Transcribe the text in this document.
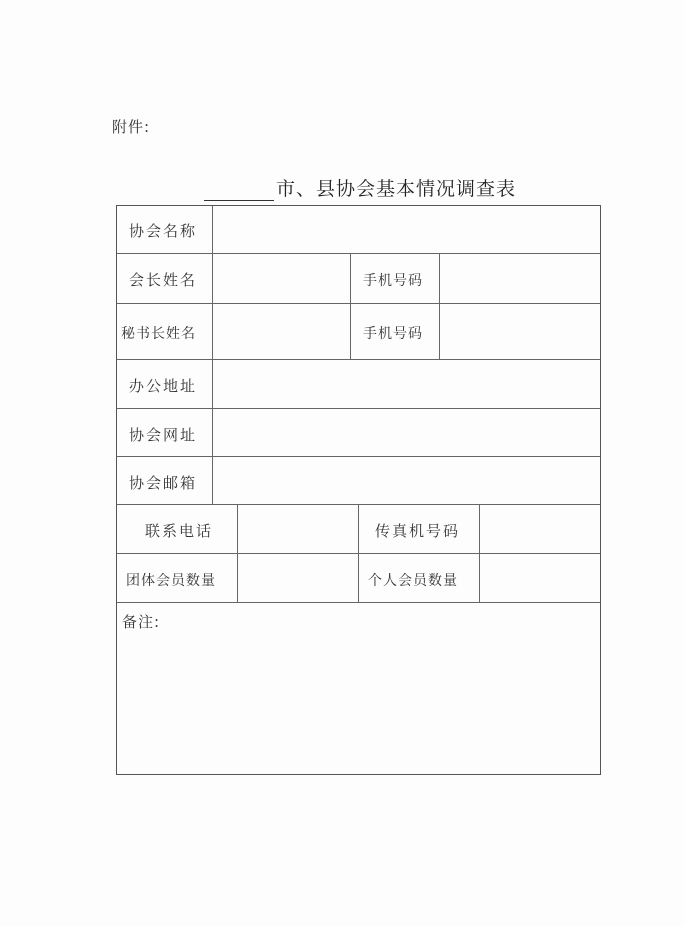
附件:
市、县协会基本情况调查表
协会名称
会长姓名	手机号码
秘书长姓名	手机号码
办公地址
协会网址
协会邮箱
联系电话	传真机号码
团体会员数量	个人会员数量
备注:
